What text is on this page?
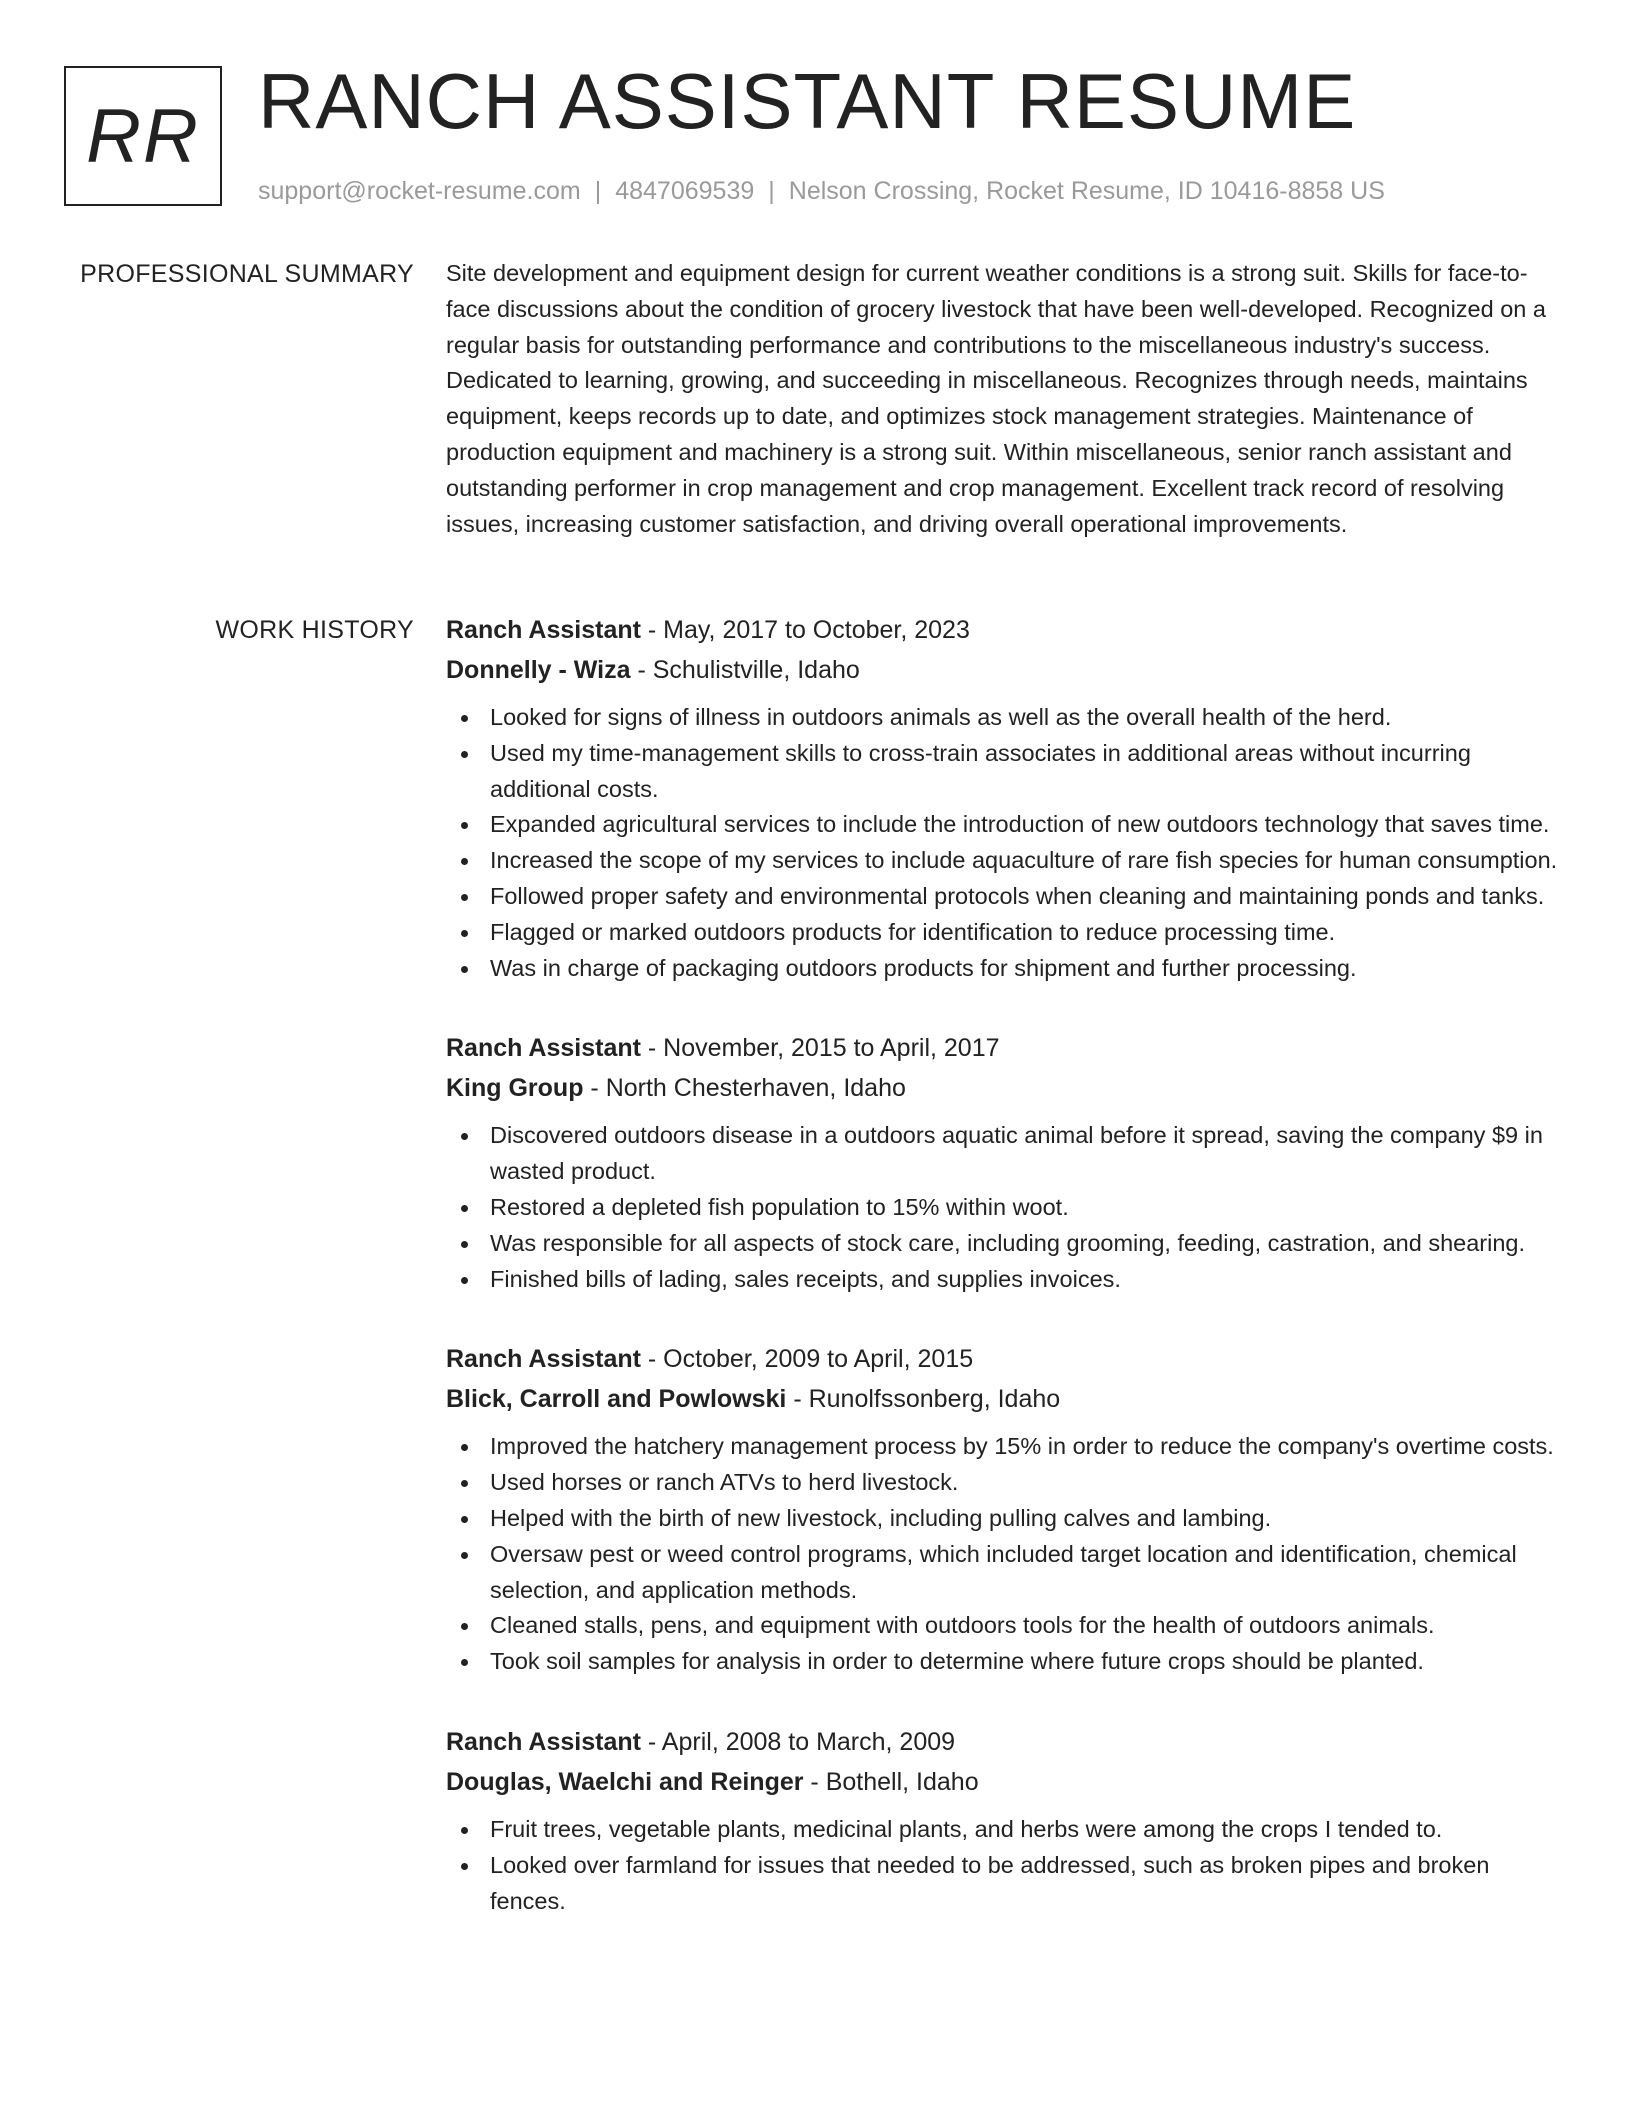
RR RANCH ASSISTANT RESUME
support@rocket-resume.com | 4847069539 | Nelson Crossing, Rocket Resume, ID 10416-8858 US
PROFESSIONAL SUMMARY Site development and equipment design for current weather conditions is a strong suit. Skills for face-to-face discussions about the condition of grocery livestock that have been well-developed. Recognized on a regular basis for outstanding performance and contributions to the miscellaneous industry's success. Dedicated to learning, growing, and succeeding in miscellaneous. Recognizes through needs, maintains equipment, keeps records up to date, and optimizes stock management strategies. Maintenance of production equipment and machinery is a strong suit. Within miscellaneous, senior ranch assistant and outstanding performer in crop management and crop management. Excellent track record of resolving issues, increasing customer satisfaction, and driving overall operational improvements.

WORK HISTORY Ranch Assistant - May, 2017 to October, 2023
Donnelly - Wiza - Schulistville, Idaho
Looked for signs of illness in outdoors animals as well as the overall health of the herd.
Used my time-management skills to cross-train associates in additional areas without incurring additional costs.
Expanded agricultural services to include the introduction of new outdoors technology that saves time.
Increased the scope of my services to include aquaculture of rare fish species for human consumption.
Followed proper safety and environmental protocols when cleaning and maintaining ponds and tanks.
Flagged or marked outdoors products for identification to reduce processing time.
Was in charge of packaging outdoors products for shipment and further processing.
Ranch Assistant - November, 2015 to April, 2017
King Group - North Chesterhaven, Idaho
Discovered outdoors disease in a outdoors aquatic animal before it spread, saving the company $9 in wasted product.
Restored a depleted fish population to 15% within woot.
Was responsible for all aspects of stock care, including grooming, feeding, castration, and shearing.
Finished bills of lading, sales receipts, and supplies invoices.
Ranch Assistant - October, 2009 to April, 2015
Blick, Carroll and Powlowski - Runolfssonberg, Idaho
Improved the hatchery management process by 15% in order to reduce the company's overtime costs.
Used horses or ranch ATVs to herd livestock.
Helped with the birth of new livestock, including pulling calves and lambing.
Oversaw pest or weed control programs, which included target location and identification, chemical selection, and application methods.
Cleaned stalls, pens, and equipment with outdoors tools for the health of outdoors animals.
Took soil samples for analysis in order to determine where future crops should be planted.
Ranch Assistant - April, 2008 to March, 2009
Douglas, Waelchi and Reinger - Bothell, Idaho
Fruit trees, vegetable plants, medicinal plants, and herbs were among the crops I tended to.
Looked over farmland for issues that needed to be addressed, such as broken pipes and broken fences.
